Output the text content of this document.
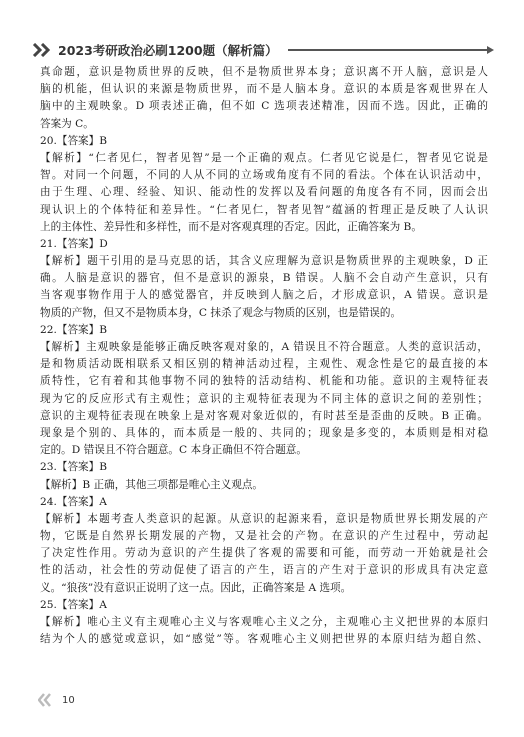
2023考研政治必刷1200题（解析篇）
真命题，意识是物质世界的反映，但不是物质世界本身；意识离不开人脑，意识是人
脑的机能，但认识的来源是物质世界，而不是人脑本身。意识的本质是客观世界在人
脑中的主观映象。D 项表述正确，但不如 C 选项表述精准，因而不选。因此，正确的
答案为 C。
20.【答案】B
【解析】“仁者见仁，智者见智”是一个正确的观点。仁者见它说是仁，智者见它说是
智。对同一个问题，不同的人从不同的立场或角度有不同的看法。个体在认识活动中，
由于生理、心理、经验、知识、能动性的发挥以及看问题的角度各有不同，因而会出
现认识上的个体特征和差异性。“仁者见仁，智者见智”蕴涵的哲理正是反映了人认识
上的主体性、差异性和多样性，而不是对客观真理的否定。因此，正确答案为 B。
21.【答案】D
【解析】题干引用的是马克思的话，其含义应理解为意识是物质世界的主观映象，D 正
确。人脑是意识的器官，但不是意识的源泉，B 错误。人脑不会自动产生意识，只有
当客观事物作用于人的感觉器官，并反映到人脑之后，才形成意识，A 错误。意识是
物质的产物，但又不是物质本身，C 抹杀了观念与物质的区别，也是错误的。
22.【答案】B
【解析】主观映象是能够正确反映客观对象的，A 错误且不符合题意。人类的意识活动，
是和物质活动既相联系又相区别的精神活动过程，主观性、观念性是它的最直接的本
质特性，它有着和其他事物不同的独特的活动结构、机能和功能。意识的主观特征表
现为它的反应形式有主观性；意识的主观特征表现为不同主体的意识之间的差别性；
意识的主观特征表现在映象上是对客观对象近似的，有时甚至是歪曲的反映。B 正确。
现象是个别的、具体的，而本质是一般的、共同的；现象是多变的，本质则是相对稳
定的。D 错误且不符合题意。C 本身正确但不符合题意。
23.【答案】B
【解析】B 正确，其他三项都是唯心主义观点。
24.【答案】A
【解析】本题考查人类意识的起源。从意识的起源来看，意识是物质世界长期发展的产
物，它既是自然界长期发展的产物，又是社会的产物。在意识的产生过程中，劳动起
了决定性作用。劳动为意识的产生提供了客观的需要和可能，而劳动一开始就是社会
性的活动，社会性的劳动促使了语言的产生，语言的产生对于意识的形成具有决定意
义。“狼孩”没有意识正说明了这一点。因此，正确答案是 A 选项。
25.【答案】A
【解析】唯心主义有主观唯心主义与客观唯心主义之分，主观唯心主义把世界的本原归
结为个人的感觉或意识，如“感觉”等。客观唯心主义则把世界的本原归结为超自然、
10
